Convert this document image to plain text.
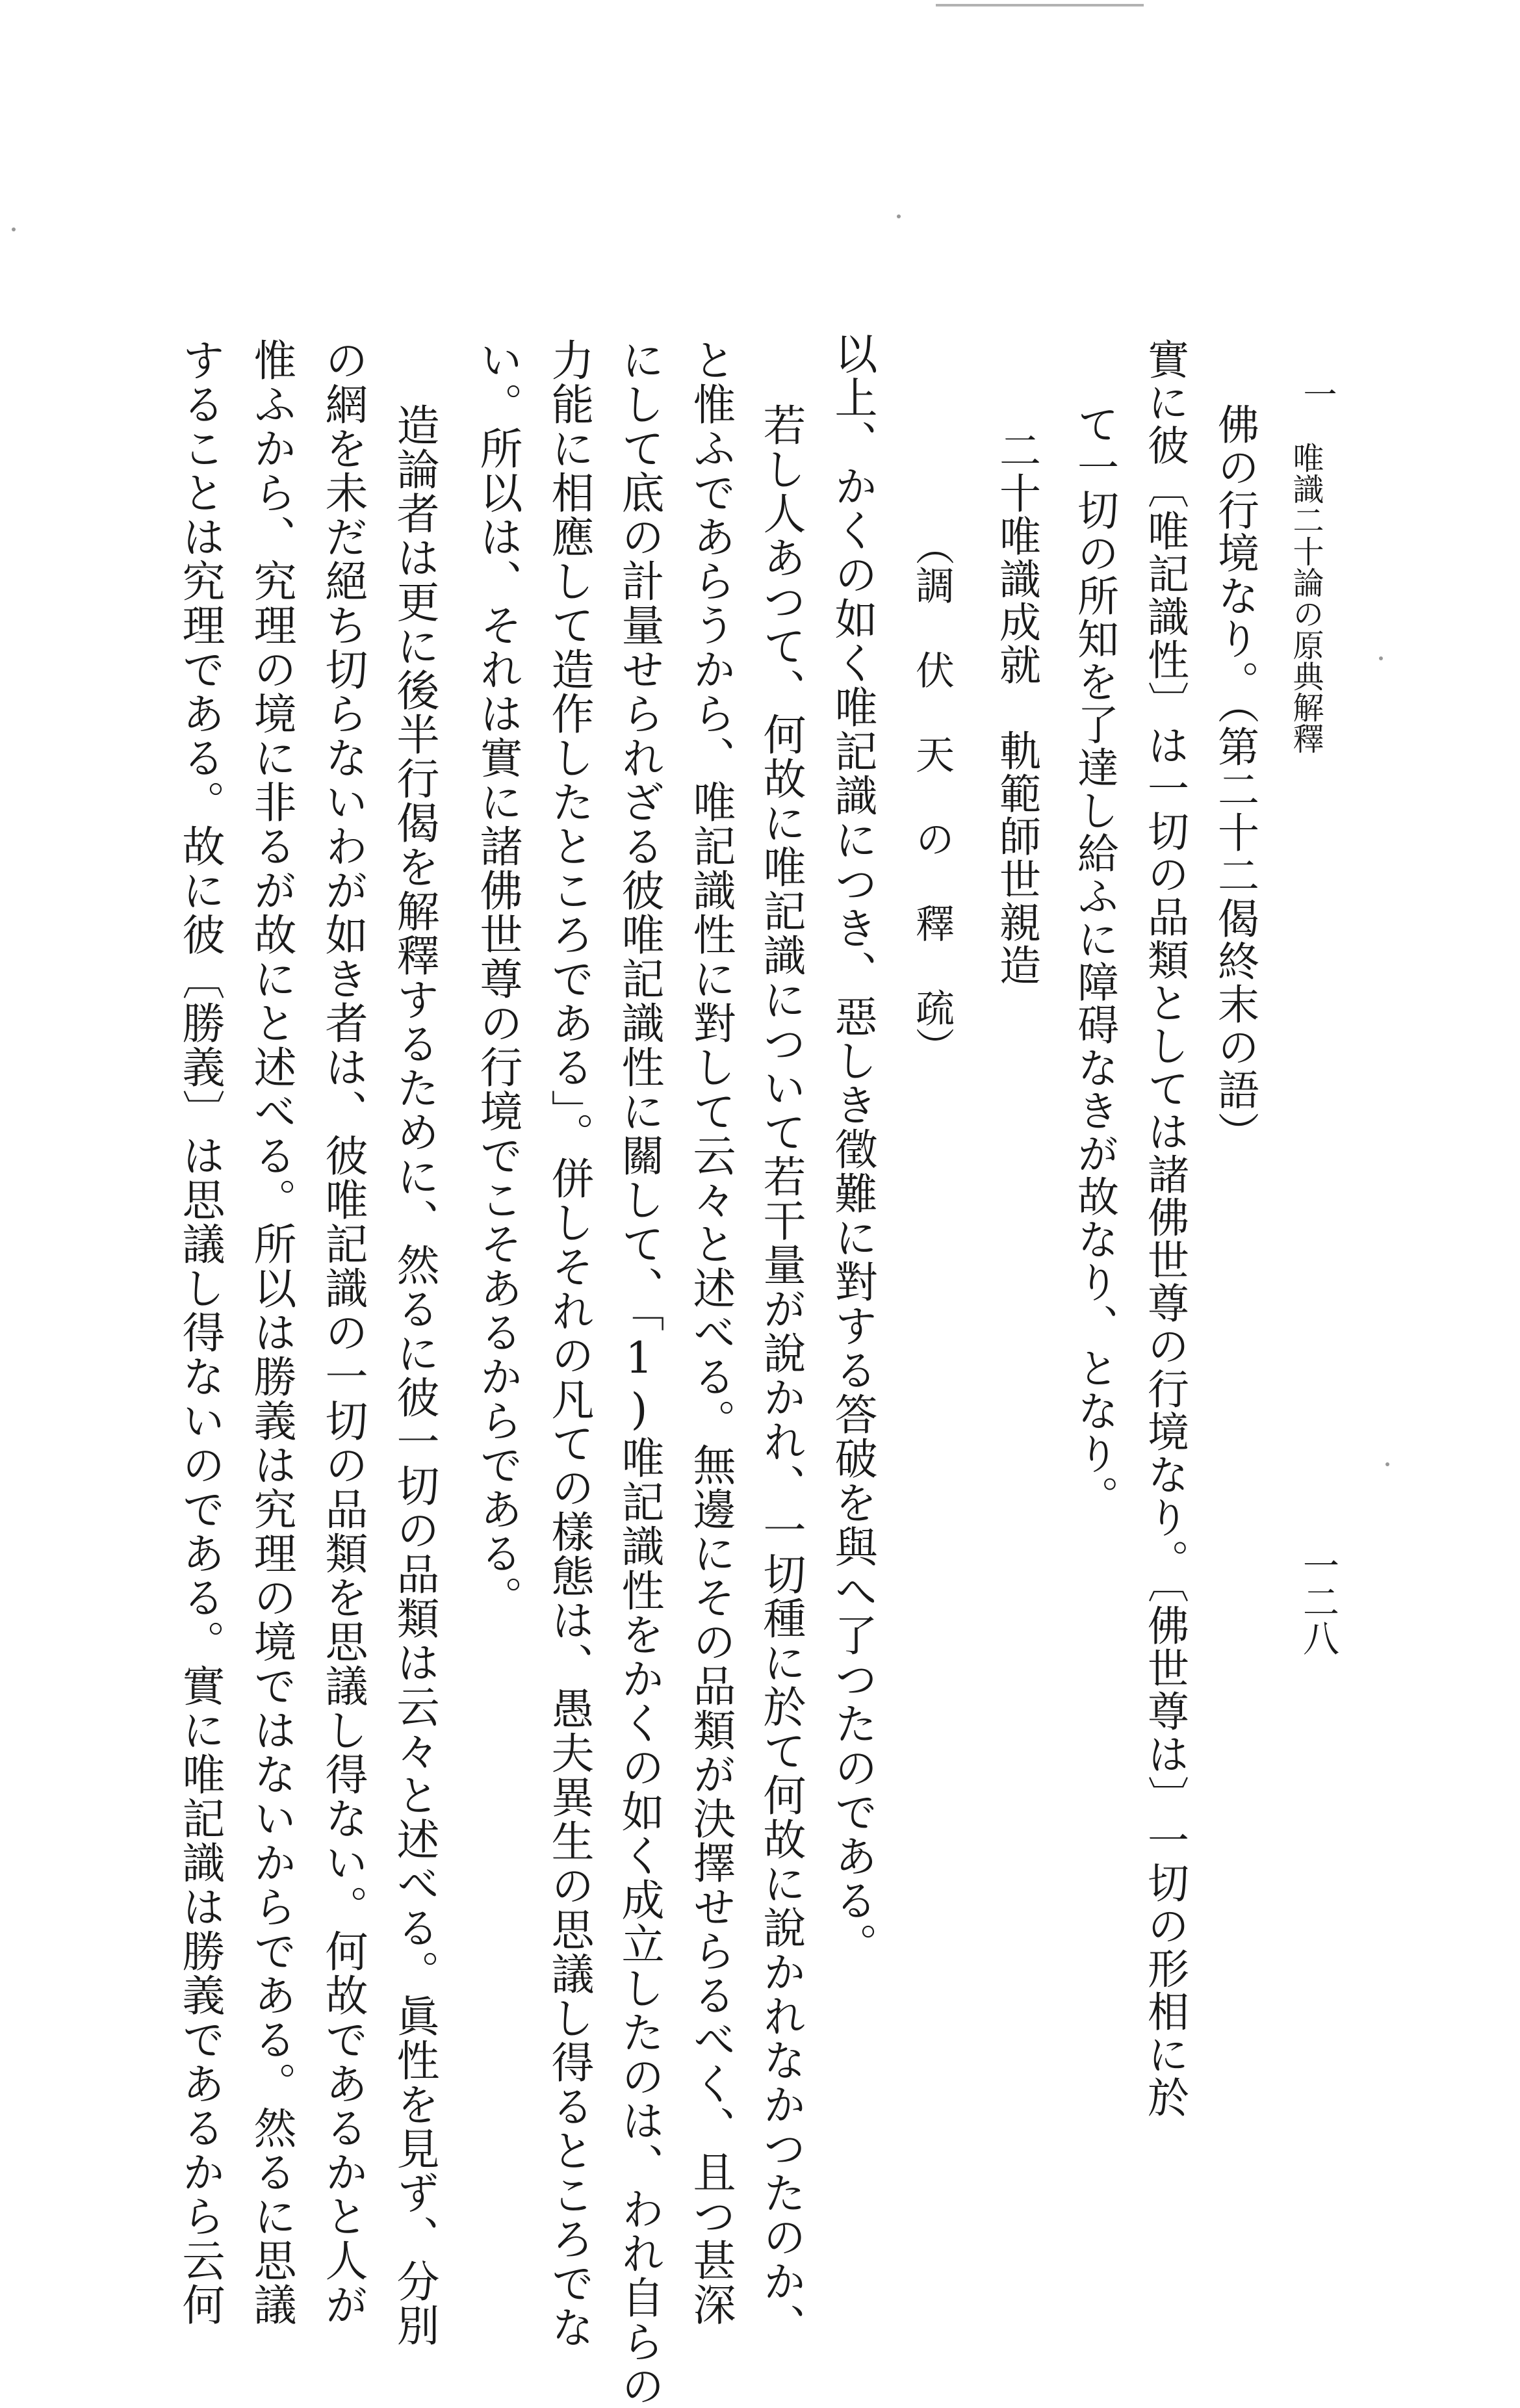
一
唯識二十論の原典解釋
一二八
佛の行境なり。（第二十二偈終末の語）
實に彼〔唯記識性〕は一切の品類としては諸佛世尊の行境なり。〔佛世尊は〕一切の形相に於
て一切の所知を了達し給ふに障碍なきが故なり、となり。
二十唯識成就　軌範師世親造
（調 伏 天 の 釋 疏）
以上、かくの如く唯記識につき、惡しき徵難に對する答破を與へ了つたのである。
若し人あつて、何故に唯記識について若干量が說かれ、一切種に於て何故に說かれなかつたのか、
と惟ふであらうから、唯記識性に對して云々と述べる。無邊にその品類が決擇せらるべく、且つ甚深
にして底の計量せられざる彼唯記識性に關して、「1)唯記識性をかくの如く成立したのは、われ自らの
力能に相應して造作したところである」。併しそれの凡ての樣態は、愚夫異生の思議し得るところでな
い。所以は、それは實に諸佛世尊の行境でこそあるからである。
造論者は更に後半行偈を解釋するために、然るに彼一切の品類は云々と述べる。眞性を見ず、分別
の網を未だ絕ち切らないわが如き者は、彼唯記識の一切の品類を思議し得ない。何故であるかと人が
惟ふから、究理の境に非るが故にと述べる。所以は勝義は究理の境ではないからである。然るに思議
することは究理である。故に彼〔勝義〕は思議し得ないのである。實に唯記識は勝義であるから云何
